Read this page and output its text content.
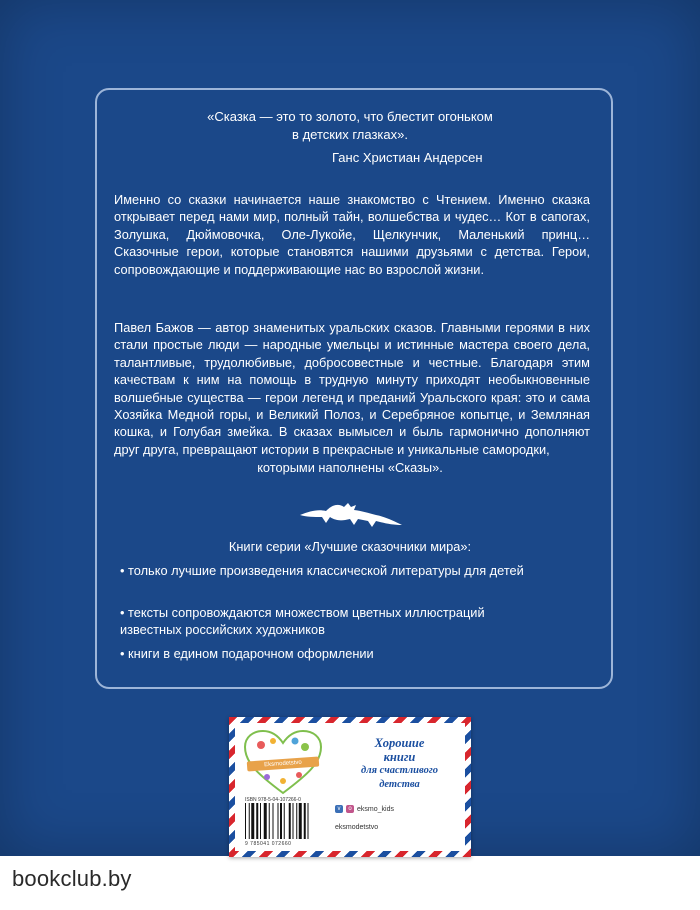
«Сказка — это то золото, что блестит огоньком
в детских глазках».
Ганс Христиан Андерсен
Именно со сказки начинается наше знакомство с Чтением. Именно сказка открывает перед нами мир, полный тайн, волшебства и чудес… Кот в сапогах, Золушка, Дюймовочка, Оле-Лукойе, Щелкунчик, Маленький принц… Сказочные герои, которые становятся нашими друзьями с детства. Герои, сопровождающие и поддерживающие нас во взрослой жизни.
Павел Бажов — автор знаменитых уральских сказов. Главными героями в них стали простые люди — народные умельцы и истинные мастера своего дела, талантливые, трудолюбивые, добросовестные и честные. Благодаря этим качествам к ним на помощь в трудную минуту приходят необыкновенные волшебные существа — герои легенд и преданий Уральского края: это и сама Хозяйка Медной горы, и Великий Полоз, и Серебряное копытце, и Земляная кошка, и Голубая змейка. В сказах вымысел и быль гармонично дополняют друг друга, превращают истории в прекрасные и уникальные самородки,
которыми наполнены «Сказы».
Книги серии «Лучшие сказочники мира»:
• только лучшие произведения классической литературы для детей
• тексты сопровождаются множеством цветных иллюстраций известных российских художников
• книги в едином подарочном оформлении
Eksmodetstvo
Хорошие
книги
для счастливого
детства
ISBN 978-5-04-107266-0
9 785041 072660
v	o eksmo_kids
eksmodetstvo
bookclub.by
